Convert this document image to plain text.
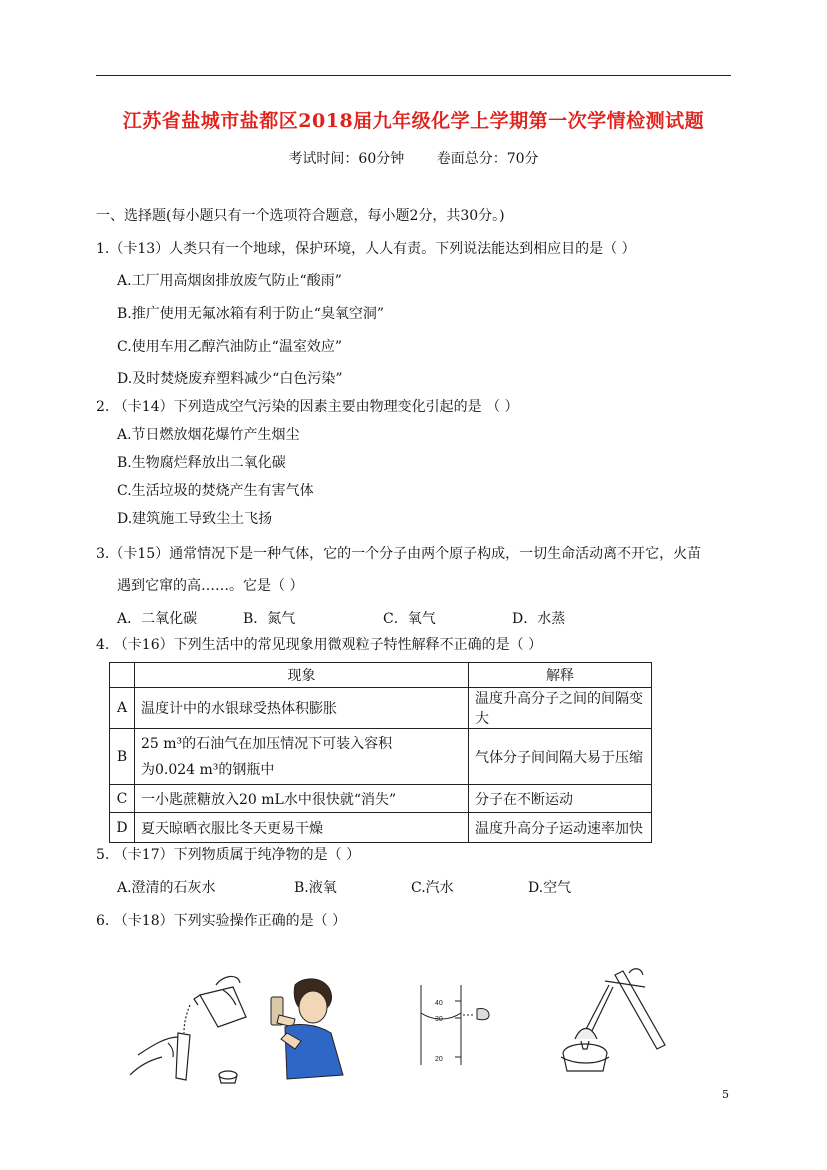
江苏省盐城市盐都区2018届九年级化学上学期第一次学情检测试题
考试时间：60分钟 卷面总分：70分
一、选择题(每小题只有一个选项符合题意，每小题2分，共30分。)
1.（卡13）人类只有一个地球，保护环境，人人有责。下列说法能达到相应目的是（ ）
A.工厂用高烟囱排放废气防止“酸雨”
B.推广使用无氟冰箱有利于防止“臭氧空洞”
C.使用车用乙醇汽油防止“温室效应”
D.及时焚烧废弃塑料减少“白色污染”
2. （卡14）下列造成空气污染的因素主要由物理变化引起的是 （ ）
A.节日燃放烟花爆竹产生烟尘
B.生物腐烂释放出二氧化碳
C.生活垃圾的焚烧产生有害气体
D.建筑施工导致尘土飞扬
3.（卡15）通常情况下是一种气体，它的一个分子由两个原子构成，一切生命活动离不开它，火苗
遇到它窜的高……。它是（ ）
A．二氧化碳	B．氮气	C．氧气	D．水蒸
4. （卡16）下列生活中的常见现象用微观粒子特性解释不正确的是（ ）
	现象	解释
A	温度计中的水银球受热体积膨胀	温度升高分子之间的间隔变大
B	25 m³的石油气在加压情况下可装入容积
为0.024 m³的钢瓶中	气体分子间间隔大易于压缩
C	一小匙蔗糖放入20 mL水中很快就“消失”	分子在不断运动
D	夏天晾晒衣服比冬天更易干燥	温度升高分子运动速率加快
5. （卡17）下列物质属于纯净物的是（ ）
A.澄清的石灰水	B.液氧	C.汽水	D.空气
6. （卡18）下列实验操作正确的是（ ）
40
30
20
5
